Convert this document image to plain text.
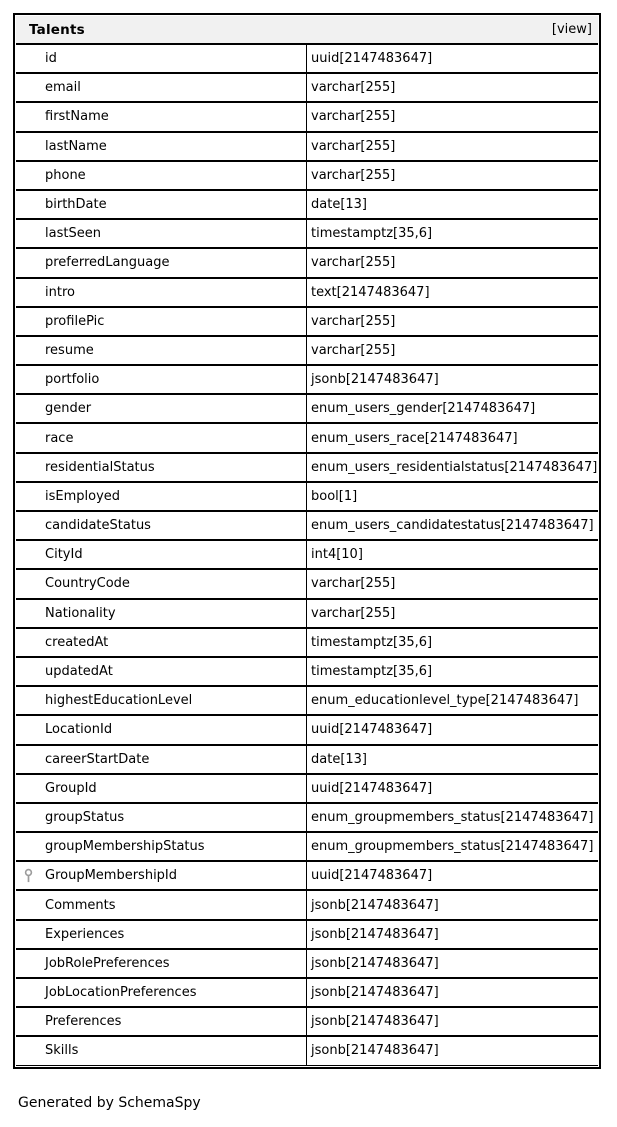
Talents [view]	

id	uuid[2147483647]
email	varchar[255]
firstName	varchar[255]
lastName	varchar[255]
phone	varchar[255]
birthDate	date[13]
lastSeen	timestamptz[35,6]
preferredLanguage	varchar[255]
intro	text[2147483647]
profilePic	varchar[255]
resume	varchar[255]
portfolio	jsonb[2147483647]
gender	enum_users_gender[2147483647]
race	enum_users_race[2147483647]
residentialStatus	enum_users_residentialstatus[2147483647]
isEmployed	bool[1]
candidateStatus	enum_users_candidatestatus[2147483647]
CityId	int4[10]
CountryCode	varchar[255]
Nationality	varchar[255]
createdAt	timestamptz[35,6]
updatedAt	timestamptz[35,6]
highestEducationLevel	enum_educationlevel_type[2147483647]
LocationId	uuid[2147483647]
careerStartDate	date[13]
GroupId	uuid[2147483647]
groupStatus	enum_groupmembers_status[2147483647]
groupMembershipStatus	enum_groupmembers_status[2147483647]

GroupMembershipId	uuid[2147483647]
Comments	jsonb[2147483647]
Experiences	jsonb[2147483647]
JobRolePreferences	jsonb[2147483647]
JobLocationPreferences	jsonb[2147483647]
Preferences	jsonb[2147483647]
Skills	jsonb[2147483647]
Generated by SchemaSpy
